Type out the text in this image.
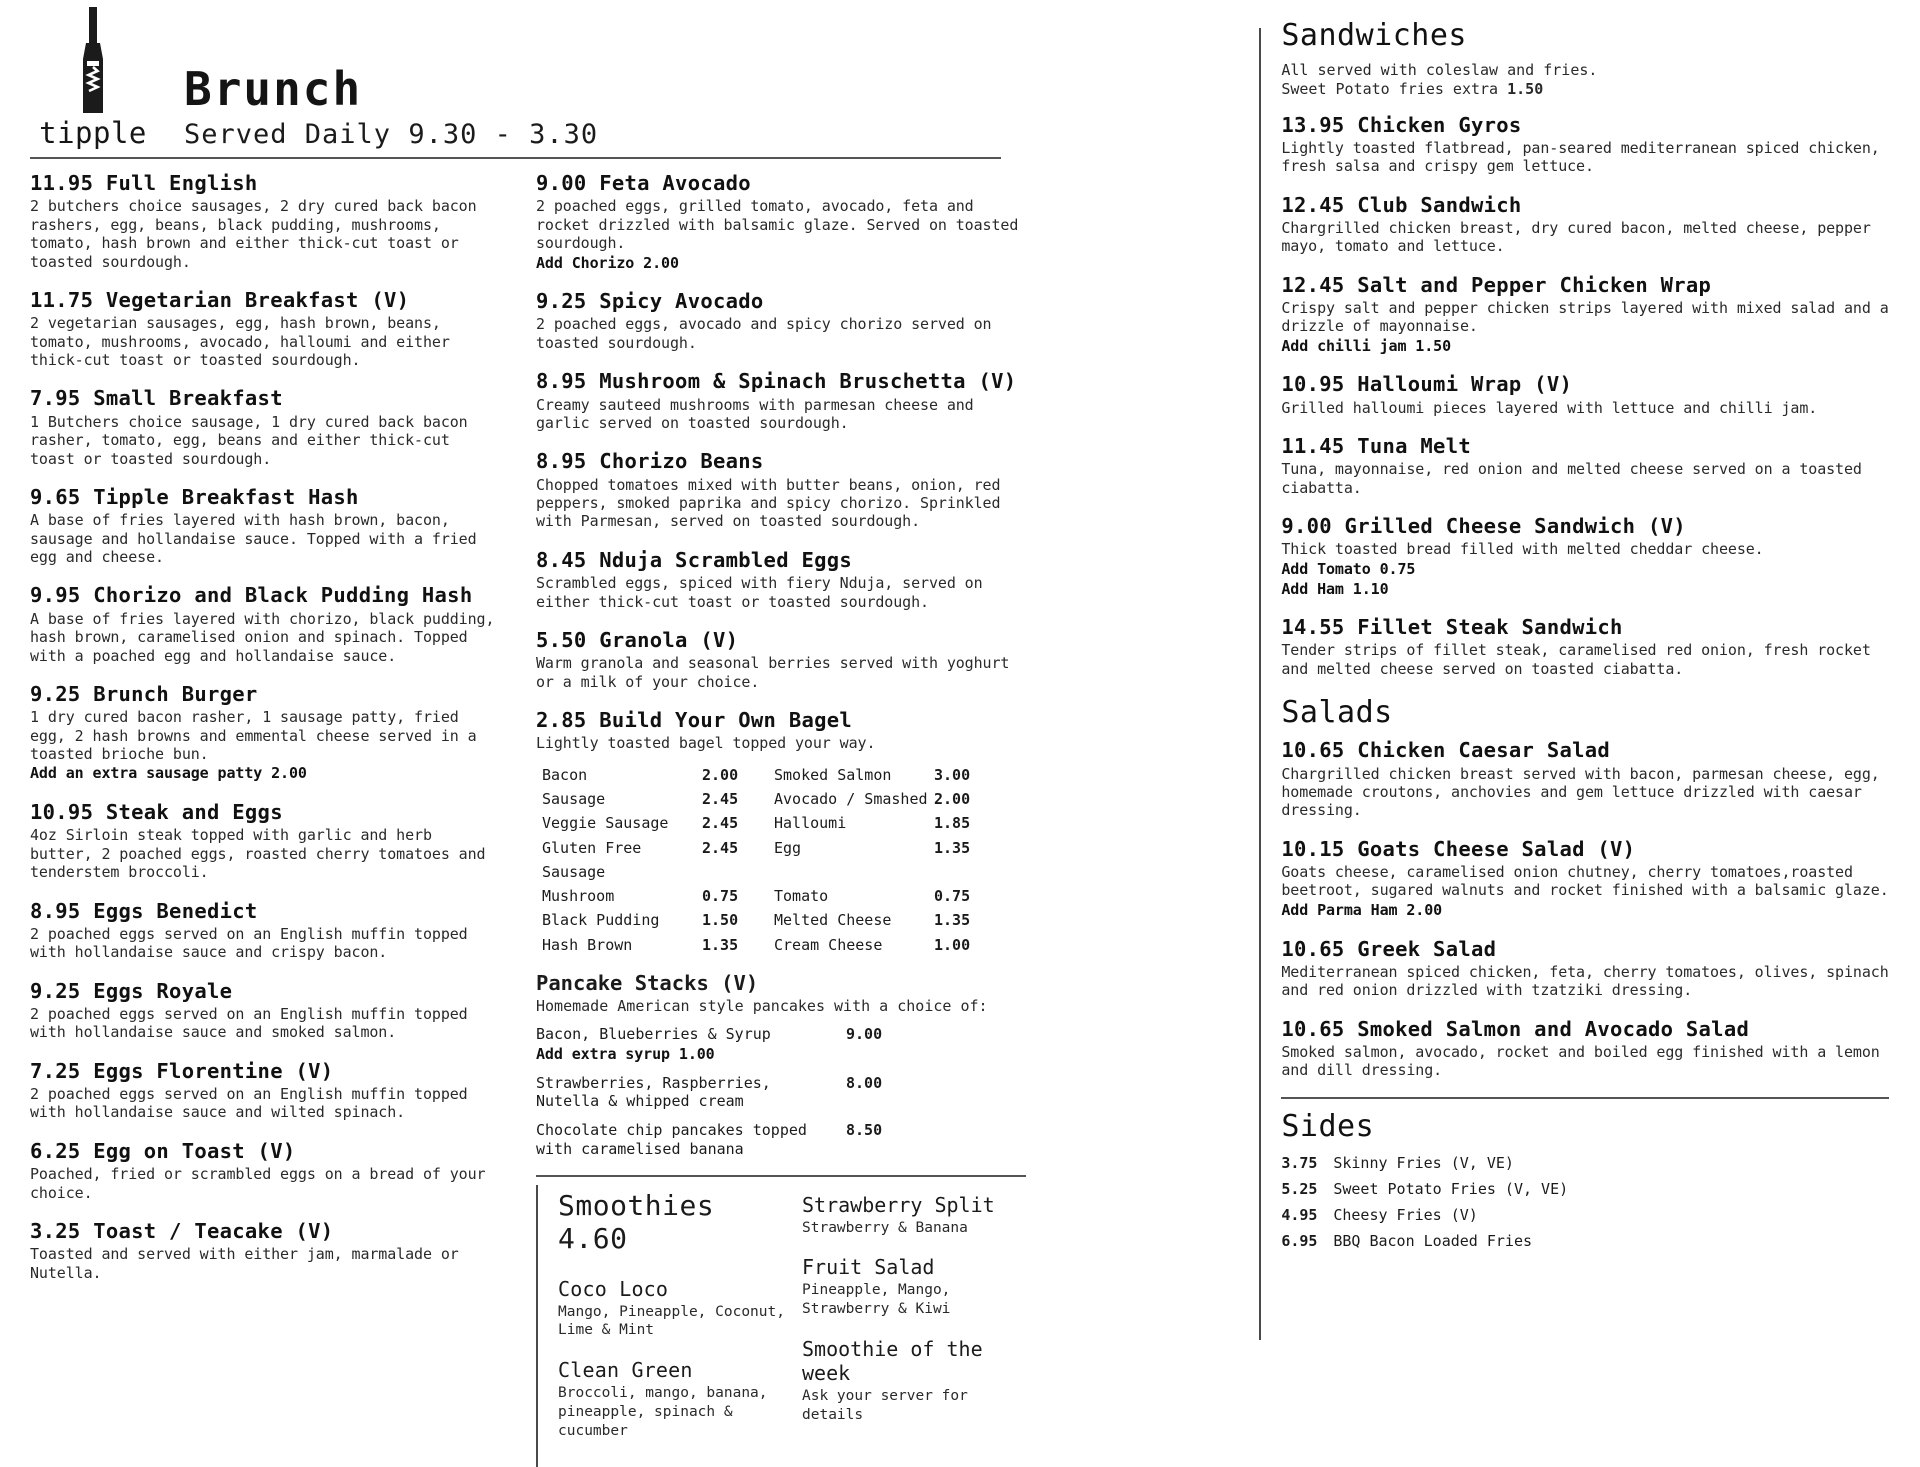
tipple
Brunch
Served Daily 9.30 - 3.30
11.95 Full English

2 butchers choice sausages, 2 dry cured back bacon rashers, egg, beans, black pudding, mushrooms, tomato, hash brown and either thick-cut toast or toasted sourdough.

11.75 Vegetarian Breakfast (V)

2 vegetarian sausages, egg, hash brown, beans, tomato, mushrooms, avocado, halloumi and either thick-cut toast or toasted sourdough.

7.95 Small Breakfast

1 Butchers choice sausage, 1 dry cured back bacon rasher, tomato, egg, beans and either thick-cut toast or toasted sourdough.

9.65 Tipple Breakfast Hash

A base of fries layered with hash brown, bacon, sausage and hollandaise sauce. Topped with a fried egg and cheese.

9.95 Chorizo and Black Pudding Hash

A base of fries layered with chorizo, black pudding, hash brown, caramelised onion and spinach. Topped with a poached egg and hollandaise sauce.

9.25 Brunch Burger

1 dry cured bacon rasher, 1 sausage patty, fried egg, 2 hash browns and emmental cheese served in a toasted brioche bun.

Add an extra sausage patty 2.00

10.95 Steak and Eggs

4oz Sirloin steak topped with garlic and herb butter, 2 poached eggs, roasted cherry tomatoes and tenderstem broccoli.

8.95 Eggs Benedict

2 poached eggs served on an English muffin topped with hollandaise sauce and crispy bacon.

9.25 Eggs Royale

2 poached eggs served on an English muffin topped with hollandaise sauce and smoked salmon.

7.25 Eggs Florentine (V)

2 poached eggs served on an English muffin topped with hollandaise sauce and wilted spinach.

6.25 Egg on Toast (V)

Poached, fried or scrambled eggs on a bread of your choice.

3.25 Toast / Teacake (V)

Toasted and served with either jam, marmalade or Nutella.

9.00 Feta Avocado

2 poached eggs, grilled tomato, avocado, feta and rocket drizzled with balsamic glaze. Served on toasted sourdough.

Add Chorizo 2.00

9.25 Spicy Avocado

2 poached eggs, avocado and spicy chorizo served on toasted sourdough.

8.95 Mushroom & Spinach Bruschetta (V)

Creamy sauteed mushrooms with parmesan cheese and garlic served on toasted sourdough.

8.95 Chorizo Beans

Chopped tomatoes mixed with butter beans, onion, red peppers, smoked paprika and spicy chorizo. Sprinkled with Parmesan, served on toasted sourdough.

8.45 Nduja Scrambled Eggs

Scrambled eggs, spiced with fiery Nduja, served on either thick-cut toast or toasted sourdough.

5.50 Granola (V)

Warm granola and seasonal berries served with yoghurt or a milk of your choice.

2.85 Build Your Own Bagel

Lightly toasted bagel topped your way.

Bacon	2.00	Smoked Salmon	3.00
Sausage	2.45	Avocado / Smashed 2.00
Veggie Sausage	2.45	Halloumi	1.85
Gluten Free Sausage
2.45	Egg	1.35
Mushroom	0.75	Tomato	0.75
Black Pudding	1.50	Melted Cheese	1.35
Hash Brown	1.35	Cream Cheese	1.00
Pancake Stacks (V)

Homemade American style pancakes with a choice of:

Bacon, Blueberries & Syrup
Add extra syrup 1.00
9.00
Strawberries, Raspberries, Nutella & whipped cream
8.00
Chocolate chip pancakes topped with caramelised banana
8.50
Smoothies 4.60
Coco Loco

Mango, Pineapple, Coconut, Lime & Mint

Clean Green

Broccoli, mango, banana, pineapple, spinach & cucumber

Strawberry Split

Strawberry & Banana

Fruit Salad

Pineapple, Mango, Strawberry & Kiwi

Smoothie of the week

Ask your server for details

Sandwiches

All served with coleslaw and fries.
Sweet Potato fries extra 1.50

13.95 Chicken Gyros

Lightly toasted flatbread, pan-seared mediterranean spiced chicken, fresh salsa and crispy gem lettuce.

12.45 Club Sandwich

Chargrilled chicken breast, dry cured bacon, melted cheese, pepper mayo, tomato and lettuce.

12.45 Salt and Pepper Chicken Wrap

Crispy salt and pepper chicken strips layered with mixed salad and a drizzle of mayonnaise.

Add chilli jam 1.50

10.95 Halloumi Wrap (V)

Grilled halloumi pieces layered with lettuce and chilli jam.

11.45 Tuna Melt

Tuna, mayonnaise, red onion and melted cheese served on a toasted ciabatta.

9.00 Grilled Cheese Sandwich (V)

Thick toasted bread filled with melted cheddar cheese.

Add Tomato 0.75

Add Ham 1.10

14.55 Fillet Steak Sandwich

Tender strips of fillet steak, caramelised red onion, fresh rocket and melted cheese served on toasted ciabatta.

Salads
10.65 Chicken Caesar Salad

Chargrilled chicken breast served with bacon, parmesan cheese, egg, homemade croutons, anchovies and gem lettuce drizzled with caesar dressing.

10.15 Goats Cheese Salad (V)

Goats cheese, caramelised onion chutney, cherry tomatoes,roasted beetroot, sugared walnuts and rocket finished with a balsamic glaze.

Add Parma Ham 2.00

10.65 Greek Salad

Mediterranean spiced chicken, feta, cherry tomatoes, olives, spinach and red onion drizzled with tzatziki dressing.

10.65 Smoked Salmon and Avocado Salad

Smoked salmon, avocado, rocket and boiled egg finished with a lemon and dill dressing.

Sides
3.75	Skinny Fries (V, VE)
5.25	Sweet Potato Fries (V, VE)
4.95	Cheesy Fries (V)
6.95	BBQ Bacon Loaded Fries
